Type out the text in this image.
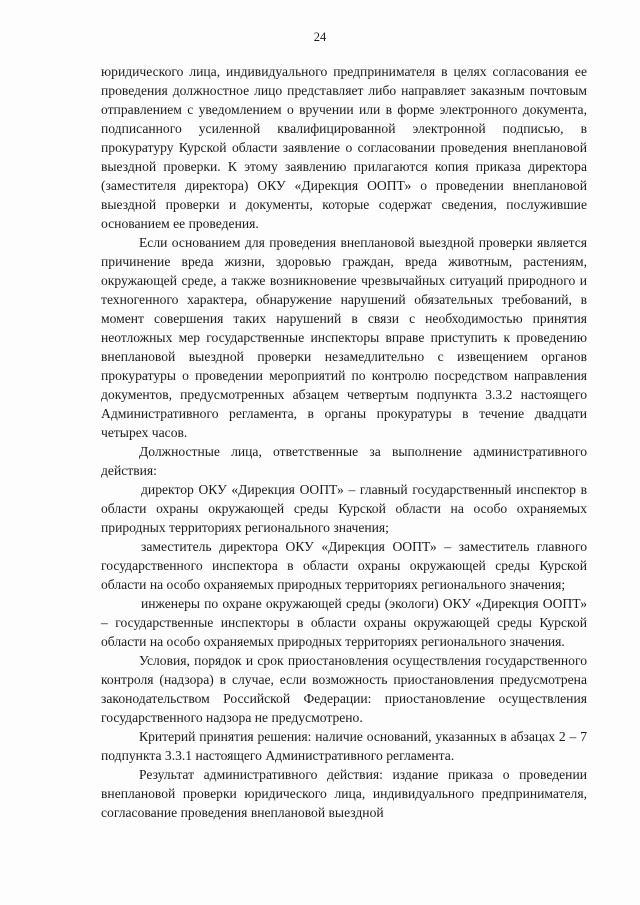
24

юридического лица, индивидуального предпринимателя в целях согласования ее проведения должностное лицо представляет либо направляет заказным почтовым отправлением с уведомлением о вручении или в форме электронного документа, подписанного усиленной квалифицированной электронной подписью, в прокуратуру Курской области заявление о согласовании проведения внеплановой выездной проверки. К этому заявлению прилагаются копия приказа директора (заместителя директора) ОКУ «Дирекция ООПТ» о проведении внеплановой выездной проверки и документы, которые содержат сведения, послужившие основанием ее проведения.

Если основанием для проведения внеплановой выездной проверки является причинение вреда жизни, здоровью граждан, вреда животным, растениям, окружающей среде, а также возникновение чрезвычайных ситуаций природного и техногенного характера, обнаружение нарушений обязательных требований, в момент совершения таких нарушений в связи с необходимостью принятия неотложных мер государственные инспекторы вправе приступить к проведению внеплановой выездной проверки незамедлительно с извещением органов прокуратуры о проведении мероприятий по контролю посредством направления документов, предусмотренных абзацем четвертым подпункта 3.3.2 настоящего Административного регламента, в органы прокуратуры в течение двадцати четырех часов.

Должностные лица, ответственные за выполнение административного действия:

директор ОКУ «Дирекция ООПТ» – главный государственный инспектор в области охраны окружающей среды Курской области на особо охраняемых природных территориях регионального значения;

заместитель директора ОКУ «Дирекция ООПТ» – заместитель главного государственного инспектора в области охраны окружающей среды Курской области на особо охраняемых природных территориях регионального значения;

инженеры по охране окружающей среды (экологи) ОКУ «Дирекция ООПТ» – государственные инспекторы в области охраны окружающей среды Курской области на особо охраняемых природных территориях регионального значения.

Условия, порядок и срок приостановления осуществления государственного контроля (надзора) в случае, если возможность приостановления предусмотрена законодательством Российской Федерации: приостановление осуществления государственного надзора не предусмотрено.

Критерий принятия решения: наличие оснований, указанных в абзацах 2 – 7 подпункта 3.3.1 настоящего Административного регламента.

Результат административного действия: издание приказа о проведении внеплановой проверки юридического лица, индивидуального предпринимателя, согласование проведения внеплановой выездной
